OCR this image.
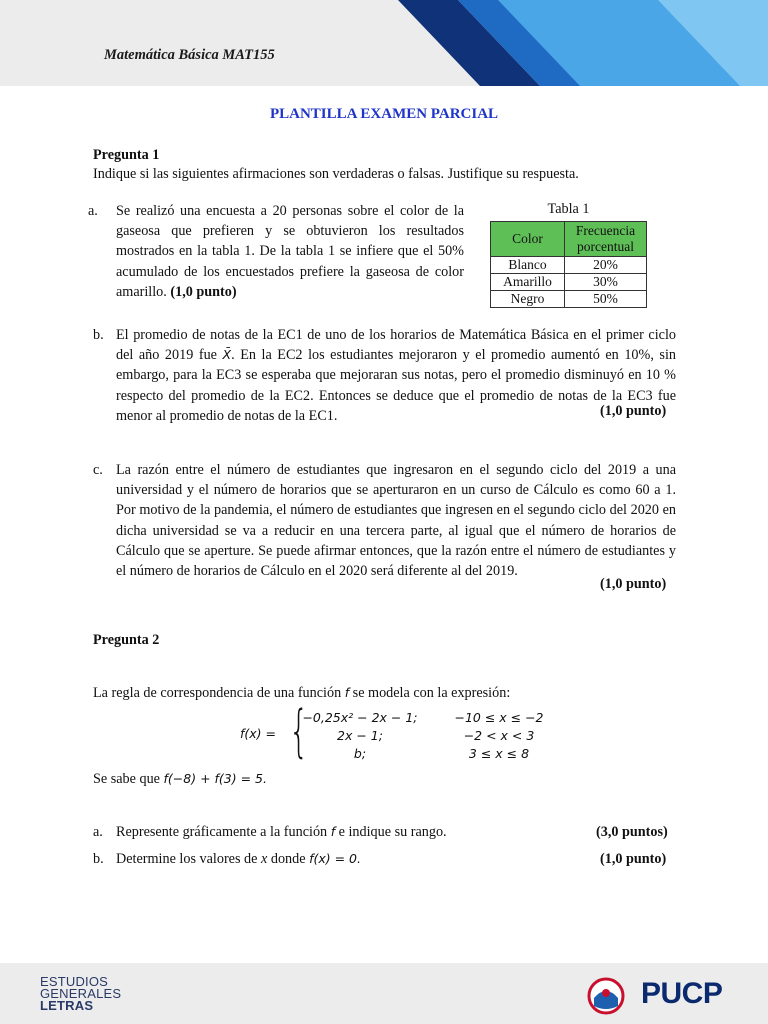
Matemática Básica MAT155
PLANTILLA EXAMEN PARCIAL
Pregunta 1
Indique si las siguientes afirmaciones son verdaderas o falsas. Justifique su respuesta.
a. Se realizó una encuesta a 20 personas sobre el color de la gaseosa que prefieren y se obtuvieron los resultados mostrados en la tabla 1. De la tabla 1 se infiere que el 50% acumulado de los encuestados prefiere la gaseosa de color amarillo. (1,0 punto)
Tabla 1
Color	Frecuencia porcentual
Blanco	20%
Amarillo	30%
Negro	50%
b. El promedio de notas de la EC1 de uno de los horarios de Matemática Básica en el primer ciclo del año 2019 fue X̄. En la EC2 los estudiantes mejoraron y el promedio aumentó en 10%, sin embargo, para la EC3 se esperaba que mejoraran sus notas, pero el promedio disminuyó en 10 % respecto del promedio de la EC2. Entonces se deduce que el promedio de notas de la EC3 fue menor al promedio de notas de la EC1.	(1,0 punto)
c. La razón entre el número de estudiantes que ingresaron en el segundo ciclo del 2019 a una universidad y el número de horarios que se aperturaron en un curso de Cálculo es como 60 a 1. Por motivo de la pandemia, el número de estudiantes que ingresen en el segundo ciclo del 2020 en dicha universidad se va a reducir en una tercera parte, al igual que el número de horarios de Cálculo que se aperture. Se puede afirmar entonces, que la razón entre el número de estudiantes y el número de horarios de Cálculo en el 2020 será diferente al del 2019.
(1,0 punto)
Pregunta 2
La regla de correspondencia de una función f se modela con la expresión:
f(x) = {
−0,25x² − 2x − 1;	−10 ≤ x ≤ −2
2x − 1;	−2 < x < 3
b;	3 ≤ x ≤ 8
Se sabe que f(−8) + f(3) = 5.
a. Represente gráficamente a la función f e indique su rango.	(3,0 puntos)
b. Determine los valores de x donde f(x) = 0.	(1,0 punto)
ESTUDIOS
GENERALES
LETRAS	PUCP
